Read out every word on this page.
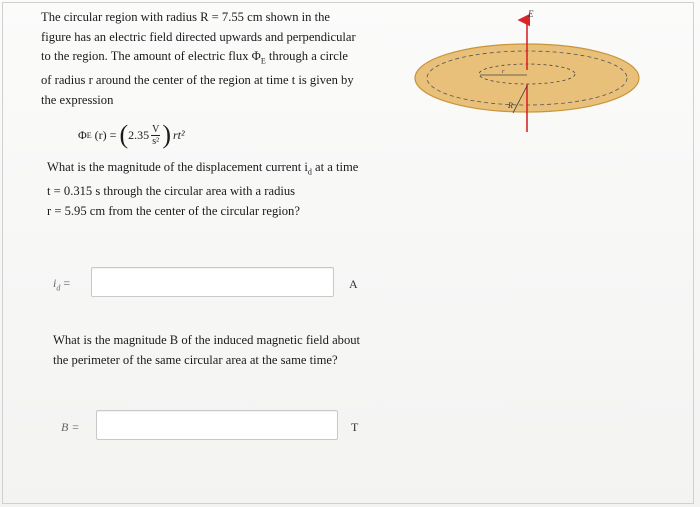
The circular region with radius R = 7.55 cm shown in the

figure has an electric field directed upwards and perpendicular

to the region. The amount of electric flux $\Phi_E$ through a circle

of radius r around the center of the region at time t is given by

the expression

Φ E (r) = ( $2.35 \frac{V}{\text{s²}}$ ) rt²

What is the magnitude of the displacement current $i_d$ at a time

t = 0.315 s through the circular area with a radius

r = 5.95 cm from the center of the circular region?

$i_d$ =	A

What is the magnitude B of the induced magnetic field about

the perimeter of the same circular area at the same time?

B =	T
E
R
r
